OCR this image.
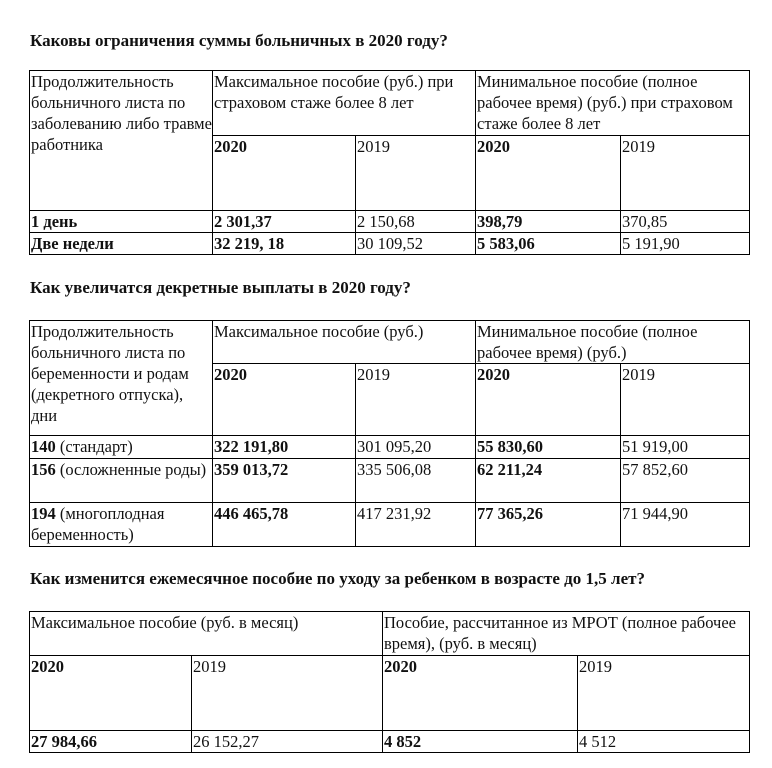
Каковы ограничения суммы больничных в 2020 году?
Продолжительность больничного листа по заболеванию либо травме работника	Максимальное пособие (руб.) при страховом стаже более 8 лет		Минимальное пособие (полное рабочее время) (руб.) при страховом стаже более 8 лет	
	2020	2019	2020	2019
1 день	2 301,37	2 150,68	398,79	370,85
Две недели	32 219, 18	30 109,52	5 583,06	5 191,90
Как увеличатся декретные выплаты в 2020 году?
Продолжительность больничного листа по беременности и родам (декретного отпуска), дни	Максимальное пособие (руб.)		Минимальное пособие (полное рабочее время) (руб.)	
	2020	2019	2020	2019
140 (стандарт)	322 191,80	301 095,20	55 830,60	51 919,00
156 (осложненные роды)	359 013,72	335 506,08	62 211,24	57 852,60
194 (многоплодная беременность)	446 465,78	417 231,92	77 365,26	71 944,90
Как изменится ежемесячное пособие по уходу за ребенком в возрасте до 1,5 лет?
Максимальное пособие (руб. в месяц)		Пособие, рассчитанное из МРОТ (полное рабочее время), (руб. в месяц)	
2020	2019	2020	2019
27 984,66	26 152,27	4 852	4 512
